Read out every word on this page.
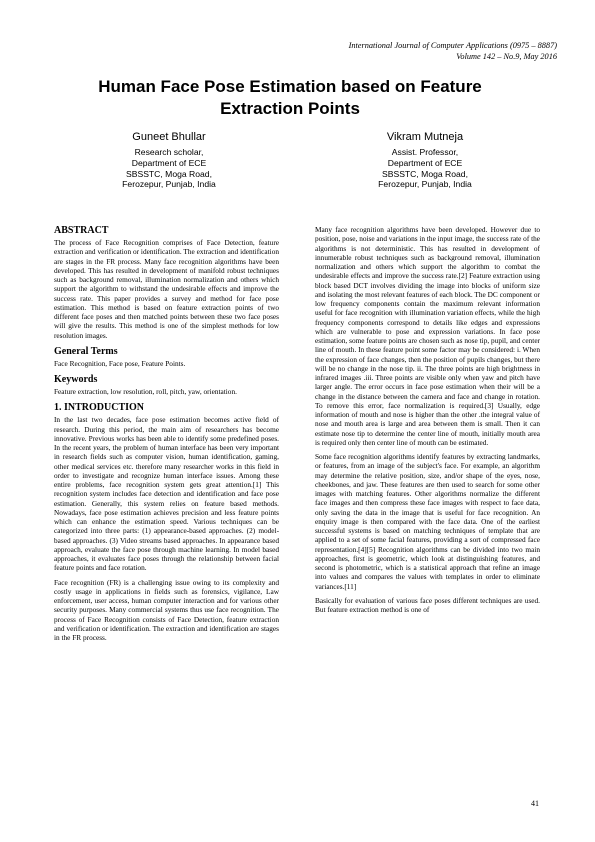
International Journal of Computer Applications (0975 – 8887)
Volume 142 – No.9, May 2016
Human Face Pose Estimation based on Feature
Extraction Points
Guneet Bhullar
Research scholar,
Department of ECE
SBSSTC, Moga Road,
Ferozepur, Punjab, India
Vikram Mutneja
Assist. Professor,
Department of ECE
SBSSTC, Moga Road,
Ferozepur, Punjab, India
ABSTRACT

The process of Face Recognition comprises of Face Detection, feature extraction and verification or identification. The extraction and identification are stages in the FR process. Many face recognition algorithms have been developed. This has resulted in development of manifold robust techniques such as background removal, illumination normalization and others which support the algorithm to withstand the undesirable effects and improve the success rate. This paper provides a survey and method for face pose estimation. This method is based on feature extraction points of two different face poses and then matched points between these two face poses will give the results. This method is one of the simplest methods for low resolution images.

General Terms

Face Recognition, Face pose, Feature Points.

Keywords

Feature extraction, low resolution, roll, pitch, yaw, orientation.

1. INTRODUCTION

In the last two decades, face pose estimation becomes active field of research. During this period, the main aim of researchers has become innovative. Previous works has been able to identify some predefined poses. In the recent years, the problem of human interface has been very important in research fields such as computer vision, human identification, gaming, other medical services etc. therefore many researcher works in this field in order to investigate and recognize human interface issues. Among these entire problems, face recognition system gets great attention.[1] This recognition system includes face detection and identification and face pose estimation. Generally, this system relies on feature based methods. Nowadays, face pose estimation achieves precision and less feature points which can enhance the estimation speed. Various techniques can be categorized into three parts: (1) appearance-based approaches. (2) model-based approaches. (3) Video streams based approaches. In appearance based approach, evaluate the face pose through machine learning. In model based approaches, it evaluates face poses through the relationship between facial feature points and face rotation.

Face recognition (FR) is a challenging issue owing to its complexity and costly usage in applications in fields such as forensics, vigilance, Law enforcement, user access, human computer interaction and for various other security purposes. Many commercial systems thus use face recognition. The process of Face Recognition consists of Face Detection, feature extraction and verification or identification. The extraction and identification are stages in the FR process.

Many face recognition algorithms have been developed. However due to position, pose, noise and variations in the input image, the success rate of the algorithms is not deterministic. This has resulted in development of innumerable robust techniques such as background removal, illumination normalization and others which support the algorithm to combat the undesirable effects and improve the success rate.[2] Feature extraction using block based DCT involves dividing the image into blocks of uniform size and isolating the most relevant features of each block. The DC component or low frequency components contain the maximum relevant information useful for face recognition with illumination variation effects, while the high frequency components correspond to details like edges and expressions which are vulnerable to pose and expression variations. In face pose estimation, some feature points are chosen such as nose tip, pupil, and center line of mouth. In these feature point some factor may be considered: i. When the expression of face changes, then the position of pupils changes, but there will be no change in the nose tip. ii. The three points are high brightness in infrared images .iii. Three points are visible only when yaw and pitch have larger angle. The error occurs in face pose estimation when their will be a change in the distance between the camera and face and change in rotation. To remove this error, face normalization is required.[3] Usually, edge information of mouth and nose is higher than the other .the integral value of nose and mouth area is large and area between them is small. Then it can estimate nose tip to determine the center line of mouth, initially mouth area is required only then center line of mouth can be estimated.

Some face recognition algorithms identify features by extracting landmarks, or features, from an image of the subject's face. For example, an algorithm may determine the relative position, size, and/or shape of the eyes, nose, cheekbones, and jaw. These features are then used to search for some other images with matching features. Other algorithms normalize the different face images and then compress these face images with respect to face data, only saving the data in the image that is useful for face recognition. An enquiry image is then compared with the face data. One of the earliest successful systems is based on matching techniques of template that are applied to a set of some facial features, providing a sort of compressed face representation.[4][5] Recognition algorithms can be divided into two main approaches, first is geometric, which look at distinguishing features, and second is photometric, which is a statistical approach that refine an image into values and compares the values with templates in order to eliminate variances.[11]

Basically for evaluation of various face poses different techniques are used. But feature extraction method is one of

41
